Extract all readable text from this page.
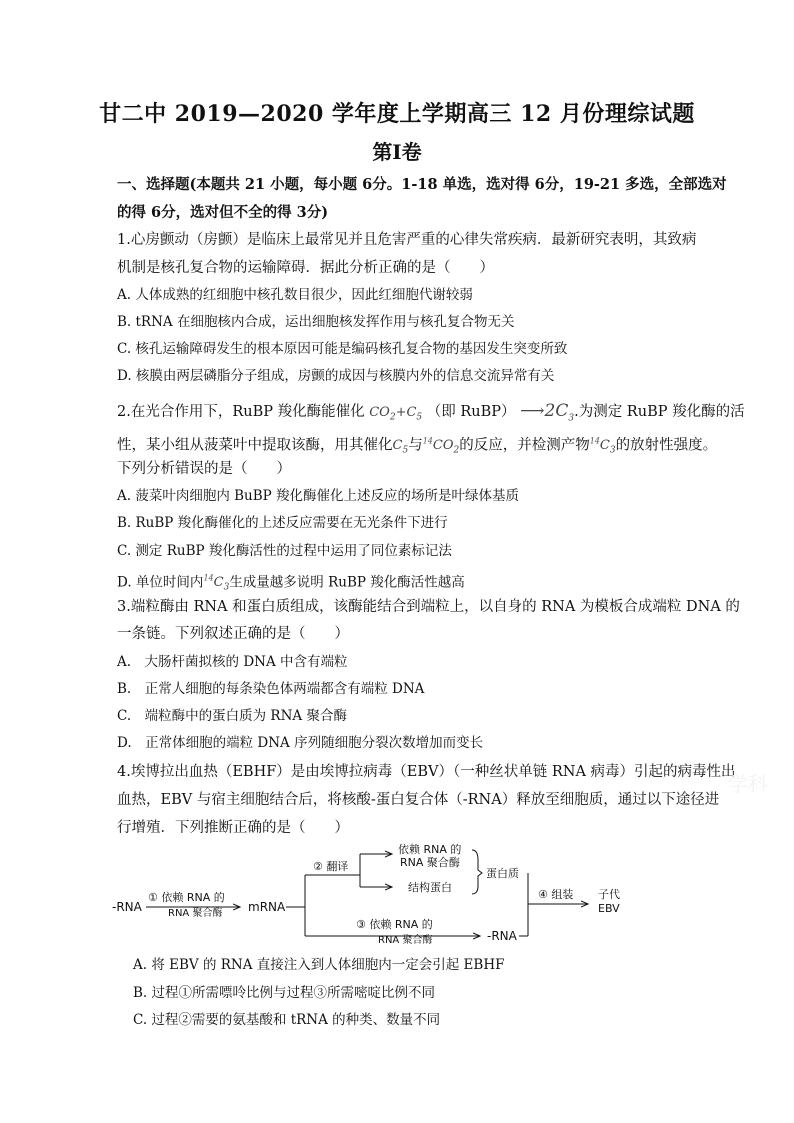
甘二中 2019—2020 学年度上学期高三 12 月份理综试题
第Ⅰ卷
一、选择题(本题共 21 小题，每小题 6分。1-18 单选，选对得 6分，19-21 多选，全部选对
的得 6分，选对但不全的得 3分)
1.心房颤动（房颤）是临床上最常见并且危害严重的心律失常疾病．最新研究表明，其致病
机制是核孔复合物的运输障碍．据此分析正确的是（　　）
A. 人体成熟的红细胞中核孔数目很少，因此红细胞代谢较弱
B. tRNA 在细胞核内合成，运出细胞核发挥作用与核孔复合物无关
C. 核孔运输障碍发生的根本原因可能是编码核孔复合物的基因发生突变所致
D. 核膜由两层磷脂分子组成，房颤的成因与核膜内外的信息交流异常有关
2.在光合作用下，RuBP 羧化酶能催化 $CO_2+C_5$ （即 RuBP） $⟶2C_3$.为测定 RuBP 羧化酶的活
性，某小组从菠菜叶中提取该酶，用其催化$C_5$与$^{14}CO_2$的反应，并检测产物$^{14}C_3$的放射性强度。
下列分析错误的是（　　）
A. 菠菜叶肉细胞内 BuBP 羧化酶催化上述反应的场所是叶绿体基质
B. RuBP 羧化酶催化的上述反应需要在无光条件下进行
C. 测定 RuBP 羧化酶活性的过程中运用了同位素标记法
D. 单位时间内$^{14}C_3$生成量越多说明 RuBP 羧化酶活性越高
3.端粒酶由 RNA 和蛋白质组成，该酶能结合到端粒上，以自身的 RNA 为模板合成端粒 DNA 的
一条链。下列叙述正确的是（　　）
A.　大肠杆菌拟核的 DNA 中含有端粒
B.　正常人细胞的每条染色体两端都含有端粒 DNA
C.　端粒酶中的蛋白质为 RNA 聚合酶
D.　正常体细胞的端粒 DNA 序列随细胞分裂次数增加而变长
4.埃博拉出血热（EBHF）是由埃博拉病毒（EBV）（一种丝状单链 RNA 病毒）引起的病毒性出
血热，EBV 与宿主细胞结合后，将核酸-蛋白复合体（-RNA）释放至细胞质，通过以下途径进
行增殖．下列推断正确的是（　　）
-RNA
① 依赖 RNA 的
RNA 聚合酶 mRNA
② 翻译
依赖 RNA 的
RNA 聚合酶
结构蛋白
蛋白质
④ 组装 子代
EBV
③ 依赖 RNA 的
RNA 聚合酶	-RNA
A. 将 EBV 的 RNA 直接注入到人体细胞内一定会引起 EBHF
B. 过程①所需嘌呤比例与过程③所需嘧啶比例不同
C. 过程②需要的氨基酸和 tRNA 的种类、数量不同
学科
